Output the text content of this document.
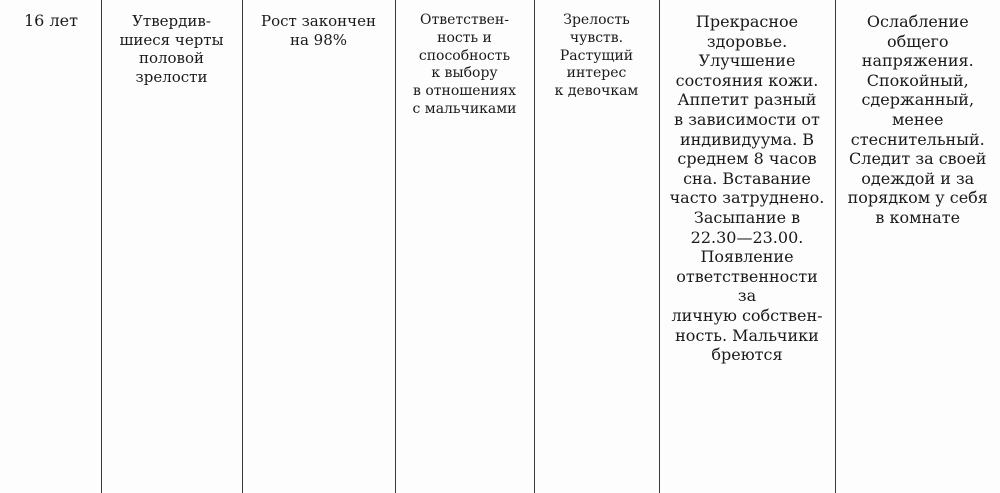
16 лет	Утвердив-
шиеся черты
половой
зрелости	Рост закончен
на 98%	Ответствен-
ность и
способность
к выбору
в отношениях
с мальчиками	Зрелость
чувств.
Растущий
интерес
к девочкам	Прекрасное
здоровье.
Улучшение
состояния кожи.
Аппетит разный
в зависимости от
индивидуума. В
среднем 8 часов
сна. Вставание
часто затруднено.
Засыпание в
22.30—23.00.
Появление
ответственности за
личную собствен-
ность. Мальчики
бреются	Ослабление
общего
напряжения.
Спокойный,
сдержанный,
менее
стеснительный.
Следит за своей
одеждой и за
порядком у себя
в комнате
